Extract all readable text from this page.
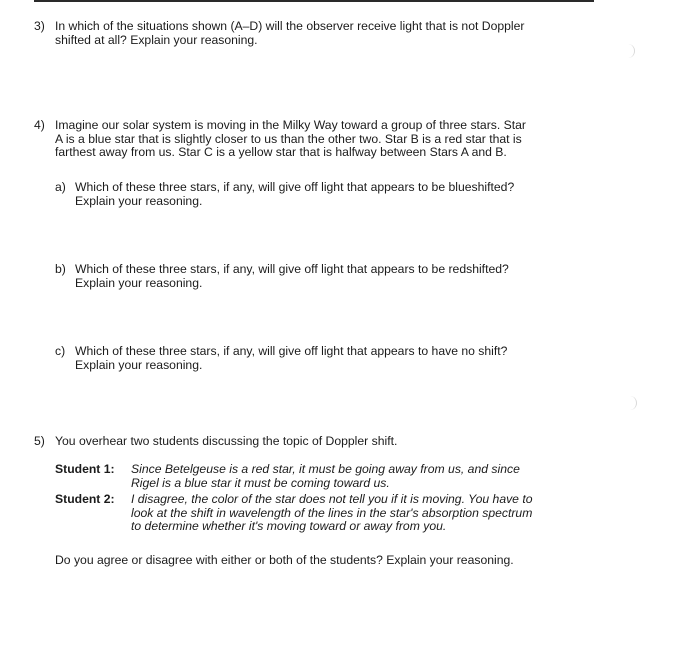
3) In which of the situations shown (A–D) will the observer receive light that is not Doppler
shifted at all? Explain your reasoning.
4) Imagine our solar system is moving in the Milky Way toward a group of three stars. Star
A is a blue star that is slightly closer to us than the other two. Star B is a red star that is
farthest away from us. Star C is a yellow star that is halfway between Stars A and B.
a) Which of these three stars, if any, will give off light that appears to be blueshifted?
Explain your reasoning.
b) Which of these three stars, if any, will give off light that appears to be redshifted?
Explain your reasoning.
c) Which of these three stars, if any, will give off light that appears to have no shift?
Explain your reasoning.
5) You overhear two students discussing the topic of Doppler shift.
Student 1: Since Betelgeuse is a red star, it must be going away from us, and since
Rigel is a blue star it must be coming toward us.
Student 2: I disagree, the color of the star does not tell you if it is moving. You have to
look at the shift in wavelength of the lines in the star's absorption spectrum
to determine whether it's moving toward or away from you.
Do you agree or disagree with either or both of the students? Explain your reasoning.
